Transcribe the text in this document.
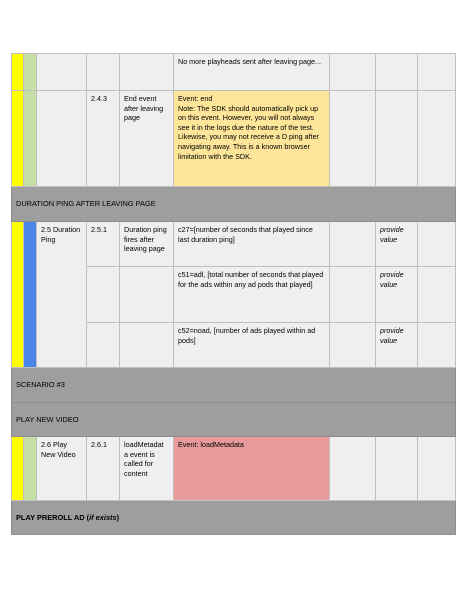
					No more playheads sent after leaving page...			
			2.4.3	End event after leaving page	Event: end
Note: The SDK should automatically pick up on this event. However, you will not always see it in the logs due the nature of the test. Likewise, you may not receive a D ping after navigating away. This is a known browser limitation with the SDK.			
DURATION PING AFTER LEAVING PAGE								
		2.5 Duration Ping	2.5.1	Duration ping fires after leaving page	c27=[number of seconds that played since last duration ping]		provide value	
					c51=adl, [total number of seconds that played for the ads within any ad pods that played]		provide value	
					c52=noad, [number of ads played within ad pods]		provide value	
SCENARIO #3								
PLAY NEW VIDEO								
		2.6 Play New Video	2.6.1	loadMetadat a event is called for content	Event: loadMetadata			
PLAY PREROLL AD (if exists)								
